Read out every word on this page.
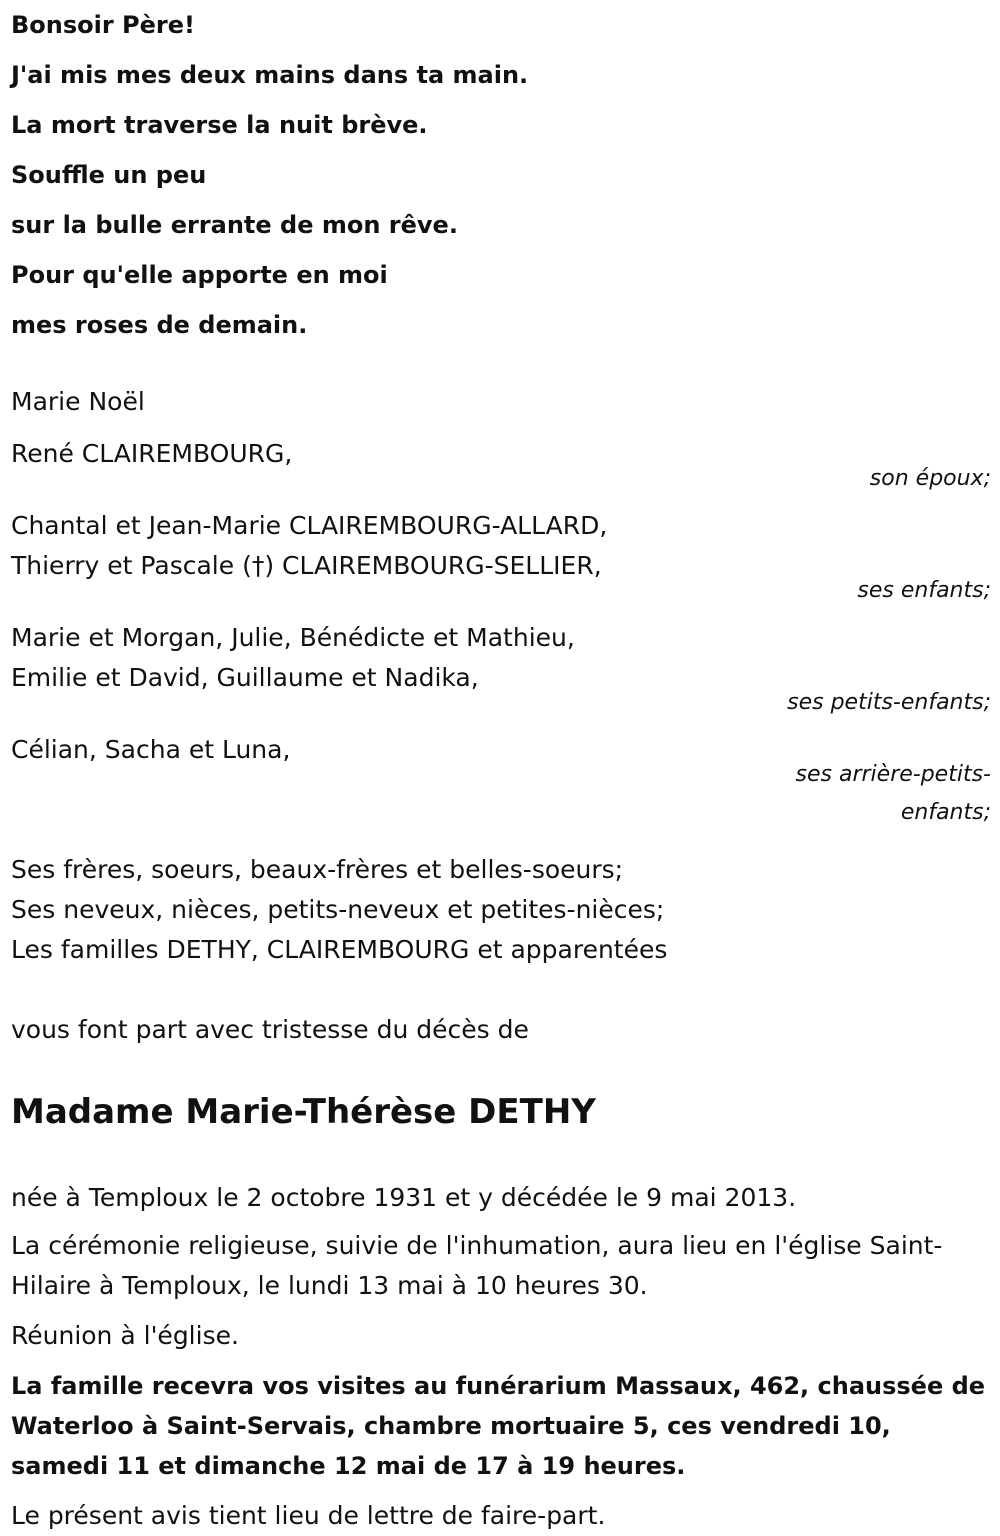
Bonsoir Père!
J'ai mis mes deux mains dans ta main.
La mort traverse la nuit brève.
Souffle un peu
sur la bulle errante de mon rêve.
Pour qu'elle apporte en moi
mes roses de demain.
Marie Noël
René CLAIREMBOURG,
son époux;
Chantal et Jean-Marie CLAIREMBOURG-ALLARD,
Thierry et Pascale (†) CLAIREMBOURG-SELLIER,
ses enfants;
Marie et Morgan, Julie, Bénédicte et Mathieu,
Emilie et David, Guillaume et Nadika,
ses petits-enfants;
Célian, Sacha et Luna,
ses arrière-petits-enfants;
Ses frères, soeurs, beaux-frères et belles-soeurs;
Ses neveux, nièces, petits-neveux et petites-nièces;
Les familles DETHY, CLAIREMBOURG et apparentées
vous font part avec tristesse du décès de
Madame Marie-Thérèse DETHY
née à Temploux le 2 octobre 1931 et y décédée le 9 mai 2013.
La cérémonie religieuse, suivie de l'inhumation, aura lieu en l'église Saint-Hilaire à Temploux, le lundi 13 mai à 10 heures 30.
Réunion à l'église.
La famille recevra vos visites au funérarium Massaux, 462, chaussée de Waterloo à Saint-Servais, chambre mortuaire 5, ces vendredi 10, samedi 11 et dimanche 12 mai de 17 à 19 heures.
Le présent avis tient lieu de lettre de faire-part.
